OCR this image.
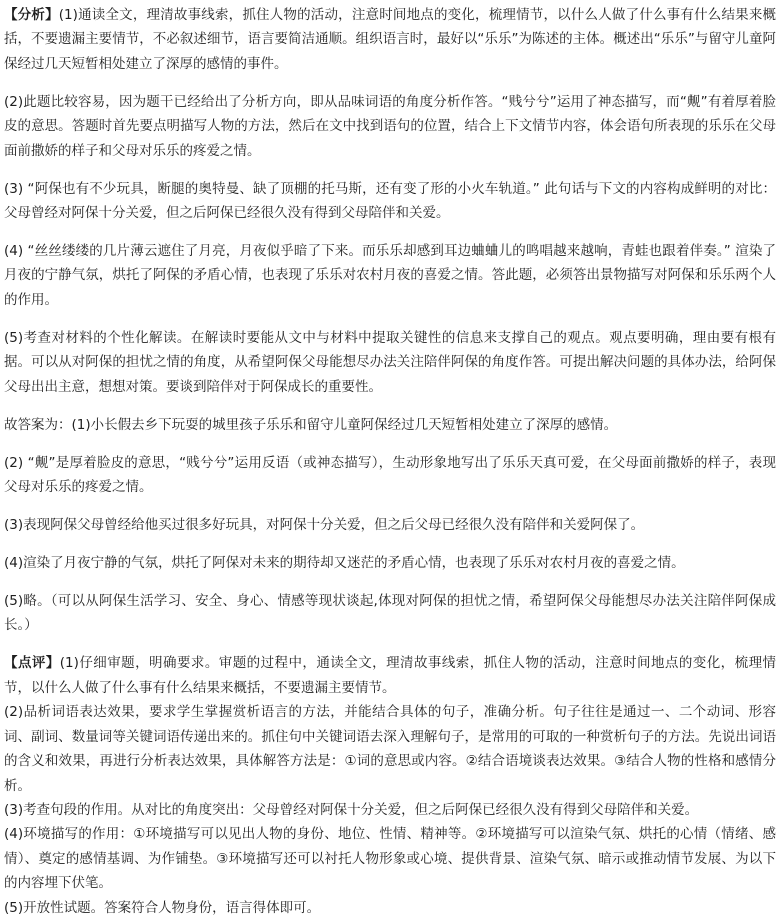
【分析】(1)通读全文，理清故事线索，抓住人物的活动，注意时间地点的变化，梳理情节，以什么人做了什么事有什么结果来概括，不要遗漏主要情节，不必叙述细节，语言要简洁通顺。组织语言时，最好以“乐乐”为陈述的主体。概述出“乐乐”与留守儿童阿保经过几天短暂相处建立了深厚的感情的事件。

(2)此题比较容易，因为题干已经给出了分析方向，即从品味词语的角度分析作答。“贱兮兮”运用了神态描写，而“觍”有着厚着脸皮的意思。答题时首先要点明描写人物的方法，然后在文中找到语句的位置，结合上下文情节内容，体会语句所表现的乐乐在父母面前撒娇的样子和父母对乐乐的疼爱之情。

(3) “阿保也有不少玩具，断腿的奥特曼、缺了顶棚的托马斯，还有变了形的小火车轨道。” 此句话与下文的内容构成鲜明的对比：父母曾经对阿保十分关爱，但之后阿保已经很久没有得到父母陪伴和关爱。

(4) “丝丝缕缕的几片薄云遮住了月亮，月夜似乎暗了下来。而乐乐却感到耳边蛐蛐儿的鸣唱越来越响，青蛙也跟着伴奏。” 渲染了月夜的宁静气氛，烘托了阿保的矛盾心情，也表现了乐乐对农村月夜的喜爱之情。答此题，必须答出景物描写对阿保和乐乐两个人的作用。

(5)考查对材料的个性化解读。在解读时要能从文中与材料中提取关键性的信息来支撑自己的观点。观点要明确，理由要有根有据。可以从对阿保的担忧之情的角度，从希望阿保父母能想尽办法关注陪伴阿保的角度作答。可提出解决问题的具体办法，给阿保父母出出主意，想想对策。要谈到陪伴对于阿保成长的重要性。

故答案为：(1)小长假去乡下玩耍的城里孩子乐乐和留守儿童阿保经过几天短暂相处建立了深厚的感情。

(2) “觍”是厚着脸皮的意思，“贱兮兮”运用反语（或神态描写），生动形象地写出了乐乐天真可爱，在父母面前撒娇的样子，表现父母对乐乐的疼爱之情。

(3)表现阿保父母曾经给他买过很多好玩具，对阿保十分关爱，但之后父母已经很久没有陪伴和关爱阿保了。

(4)渲染了月夜宁静的气氛，烘托了阿保对未来的期待却又迷茫的矛盾心情，也表现了乐乐对农村月夜的喜爱之情。

(5)略。（可以从阿保生活学习、安全、身心、情感等现状谈起,体现对阿保的担忧之情，希望阿保父母能想尽办法关注陪伴阿保成长。）

【点评】(1)仔细审题，明确要求。审题的过程中，通读全文，理清故事线索，抓住人物的活动，注意时间地点的变化，梳理情节，以什么人做了什么事有什么结果来概括，不要遗漏主要情节。

(2)品析词语表达效果，要求学生掌握赏析语言的方法，并能结合具体的句子，准确分析。句子往往是通过一、二个动词、形容词、副词、数量词等关键词语传递出来的。抓住句中关键词语去深入理解句子，是常用的可取的一种赏析句子的方法。先说出词语的含义和效果，再进行分析表达效果，具体解答方法是：①词的意思或内容。②结合语境谈表达效果。③结合人物的性格和感情分析。

(3)考查句段的作用。从对比的角度突出：父母曾经对阿保十分关爱，但之后阿保已经很久没有得到父母陪伴和关爱。

(4)环境描写的作用：①环境描写可以见出人物的身份、地位、性情、精神等。②环境描写可以渲染气氛、烘托的心情（情绪、感情）、奠定的感情基调、为作铺垫。③环境描写还可以衬托人物形象或心境、提供背景、渲染气氛、暗示或推动情节发展、为以下的内容埋下伏笔。

(5)开放性试题。答案符合人物身份，语言得体即可。
